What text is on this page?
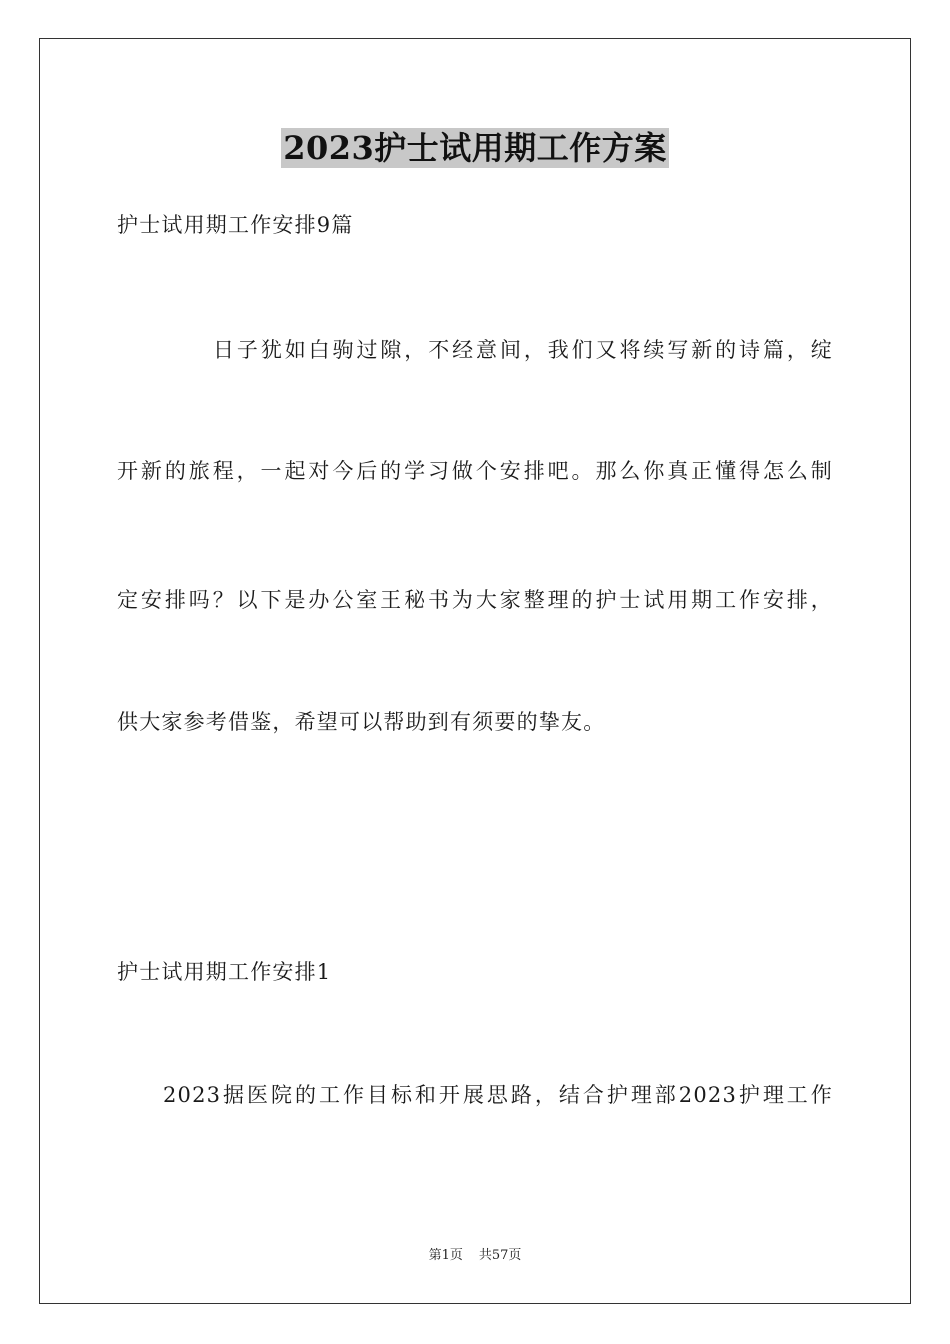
2023护士试用期工作方案
护士试用期工作安排9篇
日子犹如白驹过隙，不经意间，我们又将续写新的诗篇，绽
开新的旅程，一起对今后的学习做个安排吧。那么你真正懂得怎么制
定安排吗？以下是办公室王秘书为大家整理的护士试用期工作安排，
供大家参考借鉴，希望可以帮助到有须要的挚友。
护士试用期工作安排1
2023据医院的工作目标和开展思路，结合护理部2023护理工作
第1页 共57页
